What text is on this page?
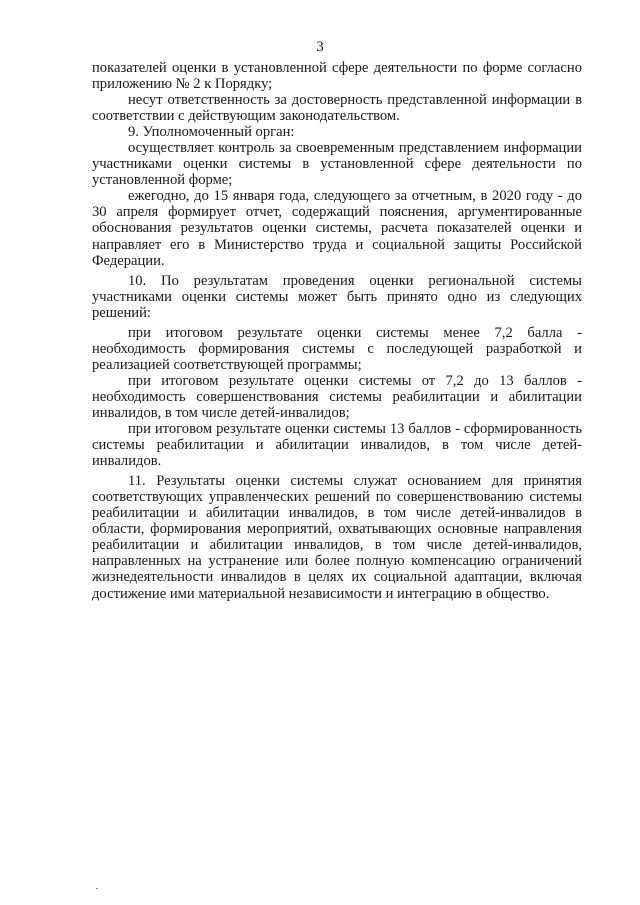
3

показателей оценки в установленной сфере деятельности по форме согласно приложению № 2 к Порядку;

несут ответственность за достоверность представленной информации в соответствии с действующим законодательством.

9. Уполномоченный орган:

осуществляет контроль за своевременным представлением информации участниками оценки системы в установленной сфере деятельности по установленной форме;

ежегодно, до 15 января года, следующего за отчетным, в 2020 году - до 30 апреля формирует отчет, содержащий пояснения, аргументированные обоснования результатов оценки системы, расчета показателей оценки и направляет его в Министерство труда и социальной защиты Российской Федерации.

10. По результатам проведения оценки региональной системы участниками оценки системы может быть принято одно из следующих решений:

при итоговом результате оценки системы менее 7,2 балла - необходимость формирования системы с последующей разработкой и реализацией соответствующей программы;

при итоговом результате оценки системы от 7,2 до 13 баллов - необходимость совершенствования системы реабилитации и абилитации инвалидов, в том числе детей-инвалидов;

при итоговом результате оценки системы 13 баллов - сформированность системы реабилитации и абилитации инвалидов, в том числе детей-инвалидов.

11. Результаты оценки системы служат основанием для принятия соответствующих управленческих решений по совершенствованию системы реабилитации и абилитации инвалидов, в том числе детей-инвалидов в области, формирования мероприятий, охватывающих основные направления реабилитации и абилитации инвалидов, в том числе детей-инвалидов, направленных на устранение или более полную компенсацию ограничений жизнедеятельности инвалидов в целях их социальной адаптации, включая достижение ими материальной независимости и интеграцию в общество.
